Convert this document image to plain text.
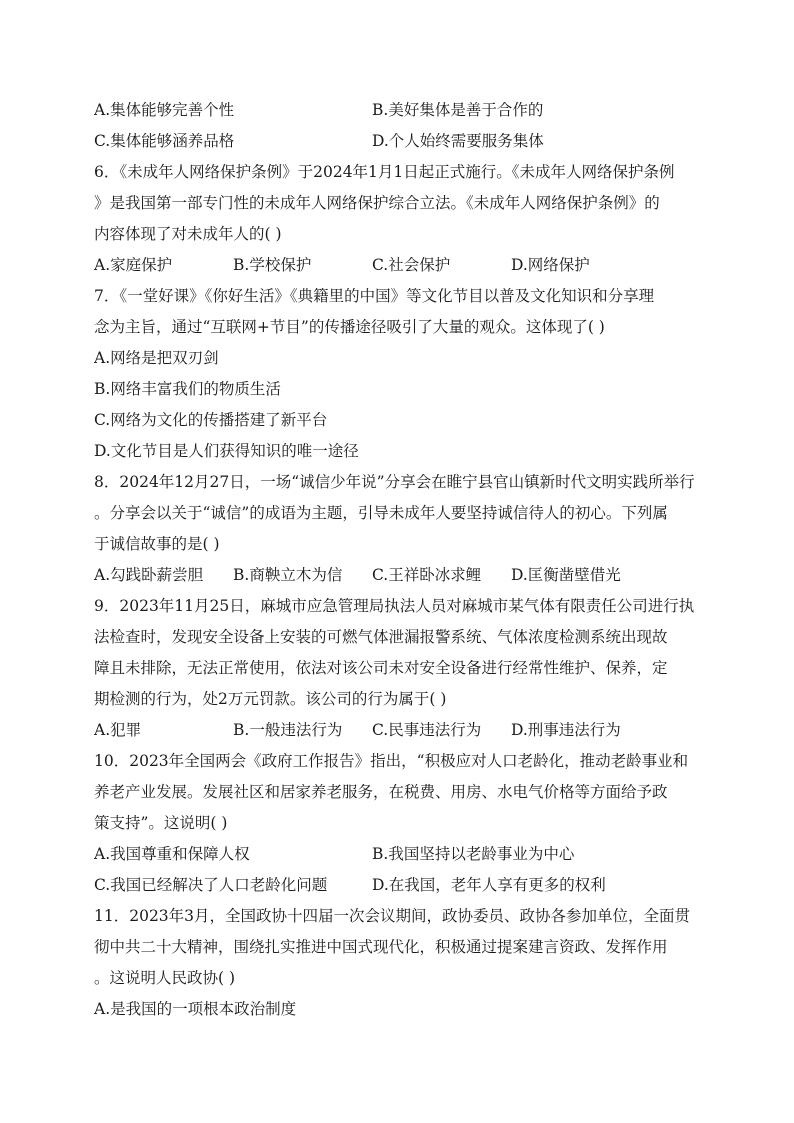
A.集体能够完善个性	B.美好集体是善于合作的
C.集体能够涵养品格	D.个人始终需要服务集体
6．《未成年人网络保护条例》于2024年1月1日起正式施行。《未成年人网络保护条例
》是我国第一部专门性的未成年人网络保护综合立法。《未成年人网络保护条例》的
内容体现了对未成年人的( )
A.家庭保护	B.学校保护	C.社会保护	D.网络保护
7．《一堂好课》《你好生活》《典籍里的中国》等文化节目以普及文化知识和分享理
念为主旨，通过“互联网+节目”的传播途径吸引了大量的观众。这体现了( )
A.网络是把双刃剑
B.网络丰富我们的物质生活
C.网络为文化的传播搭建了新平台
D.文化节目是人们获得知识的唯一途径
8．2024年12月27日，一场“诚信少年说”分享会在睢宁县官山镇新时代文明实践所举行
。分享会以关于“诚信”的成语为主题，引导未成年人要坚持诚信待人的初心。下列属
于诚信故事的是( )
A.勾践卧薪尝胆	B.商鞅立木为信	C.王祥卧冰求鲤	D.匡衡凿壁借光
9．2023年11月25日，麻城市应急管理局执法人员对麻城市某气体有限责任公司进行执
法检查时，发现安全设备上安装的可燃气体泄漏报警系统、气体浓度检测系统出现故
障且未排除，无法正常使用，依法对该公司未对安全设备进行经常性维护、保养，定
期检测的行为，处2万元罚款。该公司的行为属于( )
A.犯罪	B.一般违法行为	C.民事违法行为	D.刑事违法行为
10．2023年全国两会《政府工作报告》指出，“积极应对人口老龄化，推动老龄事业和
养老产业发展。发展社区和居家养老服务，在税费、用房、水电气价格等方面给予政
策支持”。这说明( )
A.我国尊重和保障人权	B.我国坚持以老龄事业为中心
C.我国已经解决了人口老龄化问题	D.在我国，老年人享有更多的权利
11．2023年3月，全国政协十四届一次会议期间，政协委员、政协各参加单位，全面贯
彻中共二十大精神，围绕扎实推进中国式现代化，积极通过提案建言资政、发挥作用
。这说明人民政协( )
A.是我国的一项根本政治制度
